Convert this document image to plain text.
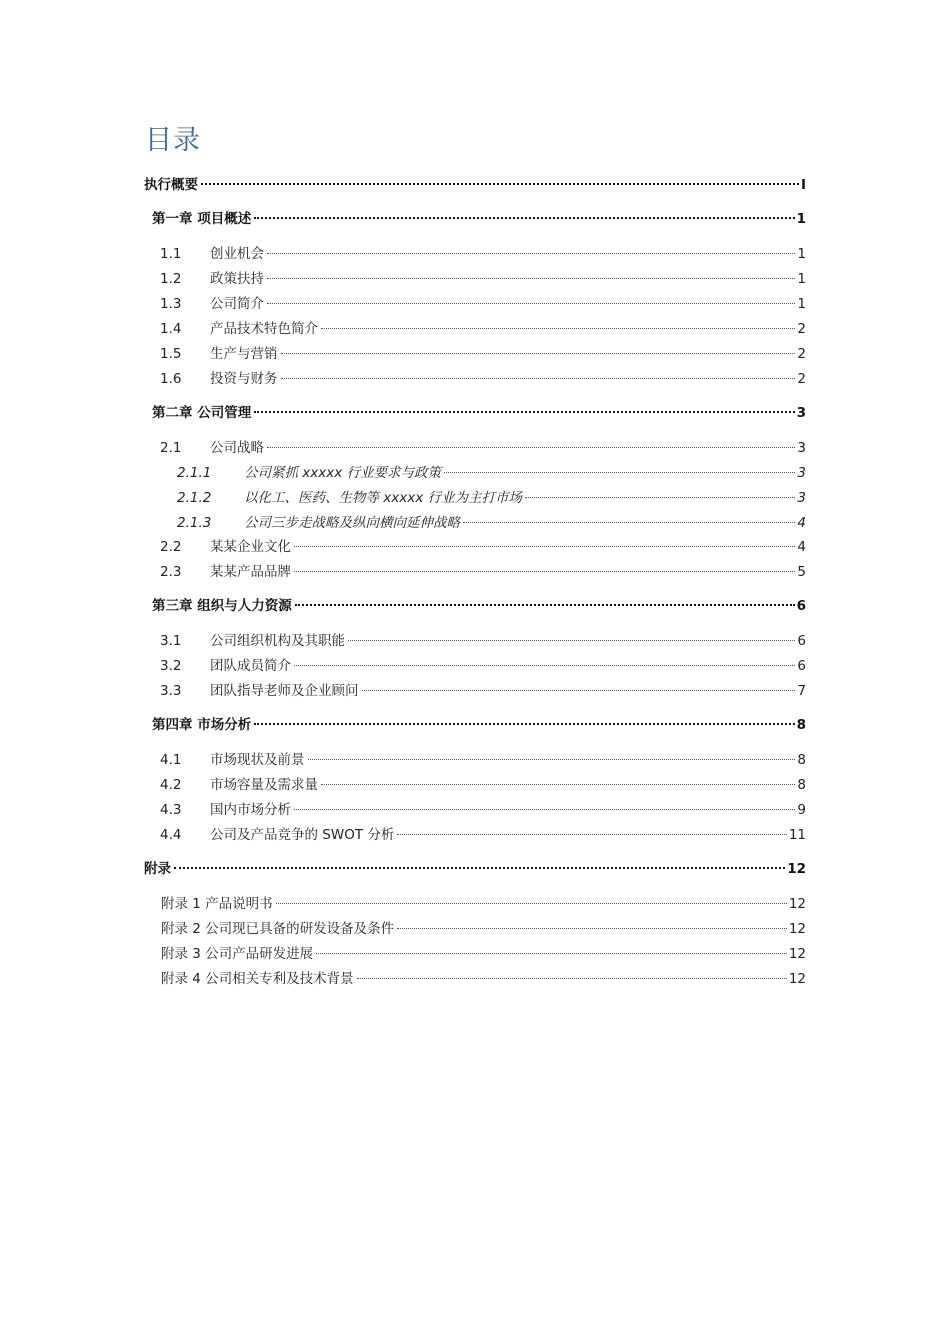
目录
执行概要	I
第一章 项目概述	1
1.1	创业机会	1
1.2	政策扶持	1
1.3	公司简介	1
1.4	产品技术特色简介	2
1.5	生产与营销	2
1.6	投资与财务	2
第二章 公司管理	3
2.1	公司战略	3
2.1.1	公司紧抓 xxxxx 行业要求与政策	3
2.1.2	以化工、医药、生物等 xxxxx 行业为主打市场	3
2.1.3	公司三步走战略及纵向横向延伸战略	4
2.2	某某企业文化	4
2.3	某某产品品牌	5
第三章 组织与人力资源	6
3.1	公司组织机构及其职能	6
3.2	团队成员简介	6
3.3	团队指导老师及企业顾问	7
第四章 市场分析	8
4.1	市场现状及前景	8
4.2	市场容量及需求量	8
4.3	国内市场分析	9
4.4	公司及产品竞争的 SWOT 分析	11
附录	12
附录 1 产品说明书	12
附录 2 公司现已具备的研发设备及条件	12
附录 3 公司产品研发进展	12
附录 4 公司相关专利及技术背景	12
